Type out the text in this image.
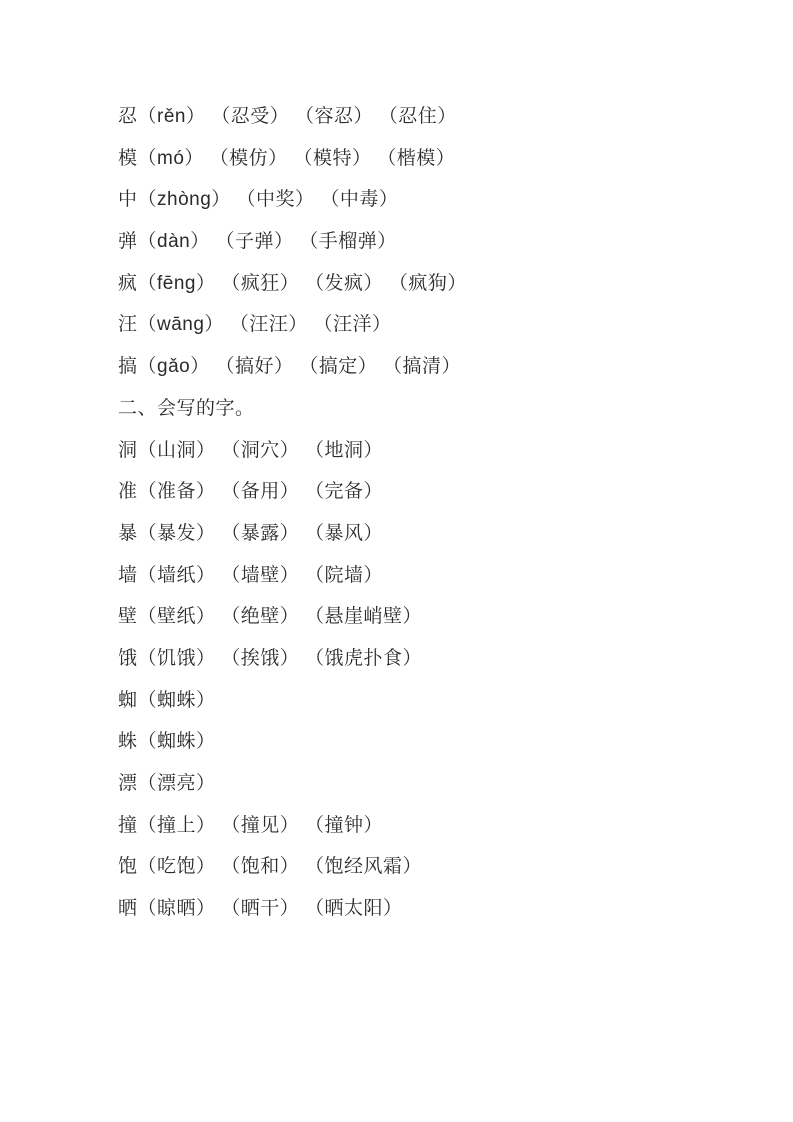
忍（rěn） （忍受） （容忍） （忍住）
模（mó） （模仿） （模特） （楷模）
中（zhòng） （中奖） （中毒）
弹（dàn） （子弹） （手榴弹）
疯（fēng） （疯狂） （发疯） （疯狗）
汪（wāng） （汪汪） （汪洋）
搞（gǎo） （搞好） （搞定） （搞清）
二、会写的字。
洞（山洞） （洞穴） （地洞）
准（准备） （备用） （完备）
暴（暴发） （暴露） （暴风）
墙（墙纸） （墙壁） （院墙）
壁（壁纸） （绝壁） （悬崖峭壁）
饿（饥饿） （挨饿） （饿虎扑食）
蜘（蜘蛛）
蛛（蜘蛛）
漂（漂亮）
撞（撞上） （撞见） （撞钟）
饱（吃饱） （饱和） （饱经风霜）
晒（晾晒） （晒干） （晒太阳）
